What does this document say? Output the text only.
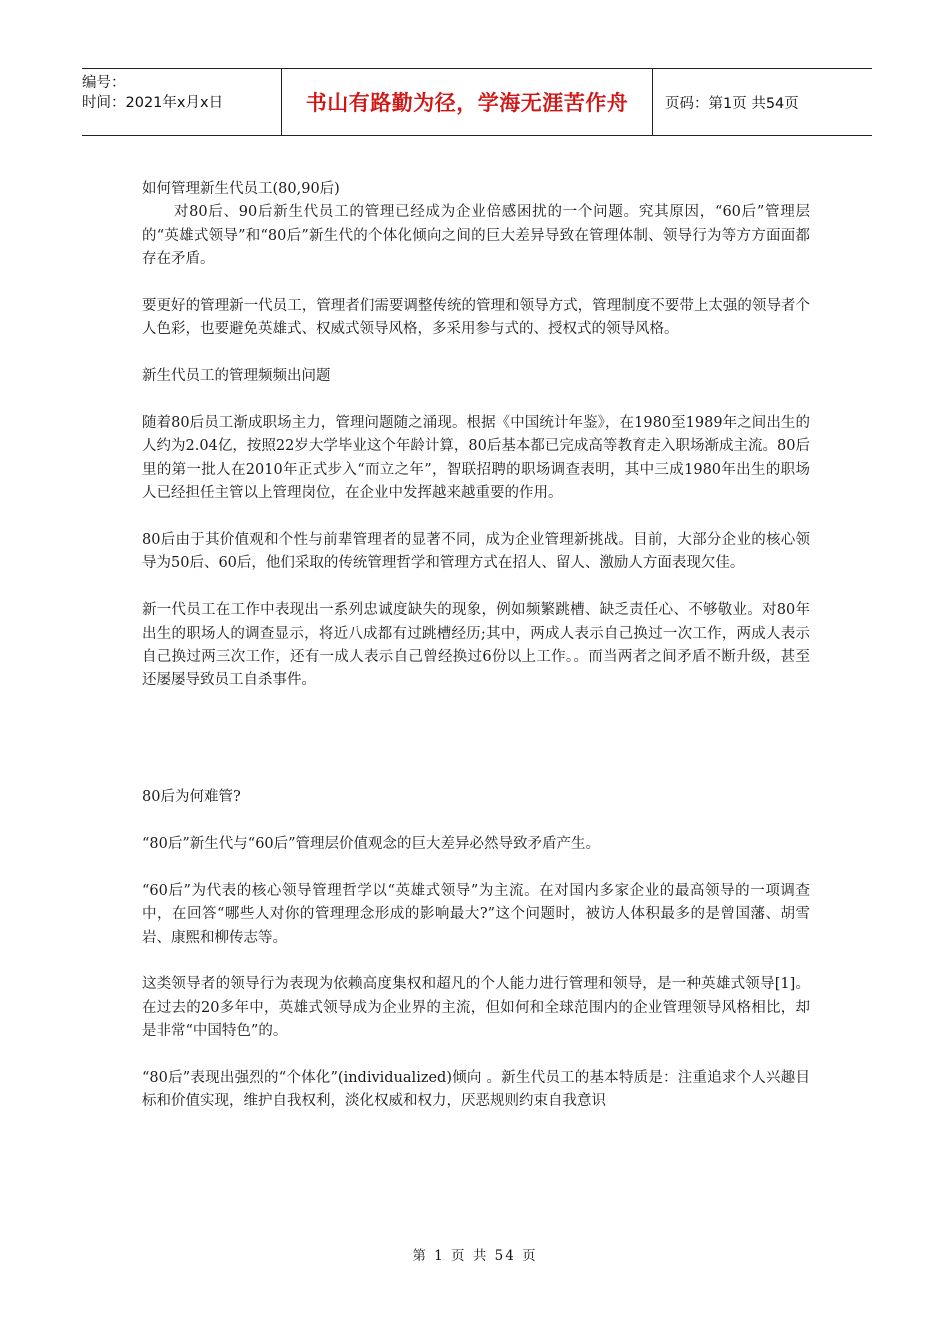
编号：
时间：2021年x月x日	书山有路勤为径，学海无涯苦作舟	页码：第1页 共54页

如何管理新生代员工(80,90后)

对80后、90后新生代员工的管理已经成为企业倍感困扰的一个问题。究其原因，“60后”管理层的“英雄式领导”和“80后”新生代的个体化倾向之间的巨大差异导致在管理体制、领导行为等方方面面都存在矛盾。

要更好的管理新一代员工，管理者们需要调整传统的管理和领导方式，管理制度不要带上太强的领导者个人色彩，也要避免英雄式、权威式领导风格，多采用参与式的、授权式的领导风格。

新生代员工的管理频频出问题

随着80后员工渐成职场主力，管理问题随之涌现。根据《中国统计年鉴》，在1980至1989年之间出生的人约为2.04亿，按照22岁大学毕业这个年龄计算，80后基本都已完成高等教育走入职场渐成主流。80后里的第一批人在2010年正式步入“而立之年”，智联招聘的职场调查表明，其中三成1980年出生的职场人已经担任主管以上管理岗位，在企业中发挥越来越重要的作用。

80后由于其价值观和个性与前辈管理者的显著不同，成为企业管理新挑战。目前，大部分企业的核心领导为50后、60后，他们采取的传统管理哲学和管理方式在招人、留人、激励人方面表现欠佳。

新一代员工在工作中表现出一系列忠诚度缺失的现象，例如频繁跳槽、缺乏责任心、不够敬业。对80年出生的职场人的调查显示，将近八成都有过跳槽经历;其中，两成人表示自己换过一次工作，两成人表示自己换过两三次工作，还有一成人表示自己曾经换过6份以上工作。。而当两者之间矛盾不断升级，甚至还屡屡导致员工自杀事件。

80后为何难管?

“80后”新生代与“60后”管理层价值观念的巨大差异必然导致矛盾产生。

“60后”为代表的核心领导管理哲学以“英雄式领导”为主流。在对国内多家企业的最高领导的一项调查中，在回答“哪些人对你的管理理念形成的影响最大?”这个问题时，被访人体积最多的是曾国藩、胡雪岩、康熙和柳传志等。

这类领导者的领导行为表现为依赖高度集权和超凡的个人能力进行管理和领导，是一种英雄式领导[1]。在过去的20多年中，英雄式领导成为企业界的主流，但如何和全球范围内的企业管理领导风格相比，却是非常“中国特色”的。

“80后”表现出强烈的“个体化”(individualized)倾向 。新生代员工的基本特质是：注重追求个人兴趣目标和价值实现，维护自我权利，淡化权威和权力，厌恶规则约束自我意识

第 1 页 共 54 页
